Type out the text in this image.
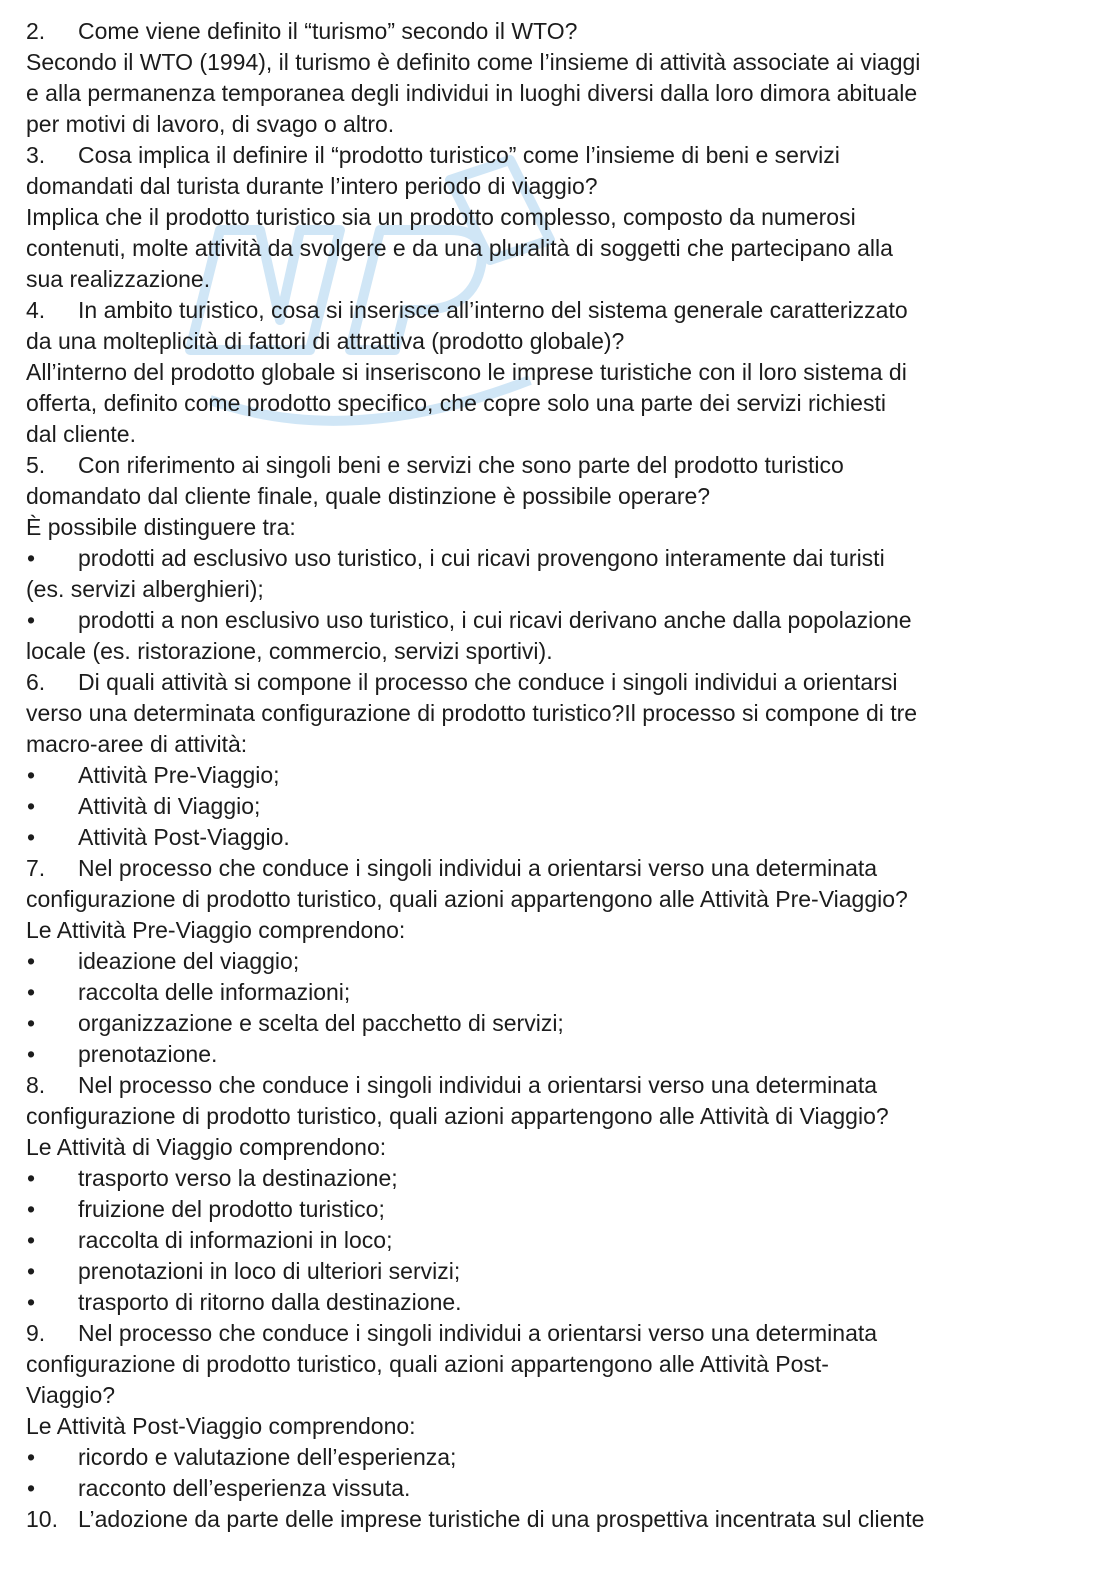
2. Come viene definito il “turismo” secondo il WTO?
Secondo il WTO (1994), il turismo è definito come l’insieme di attività associate ai viaggi
e alla permanenza temporanea degli individui in luoghi diversi dalla loro dimora abituale
per motivi di lavoro, di svago o altro.
3. Cosa implica il definire il “prodotto turistico” come l’insieme di beni e servizi
domandati dal turista durante l’intero periodo di viaggio?
Implica che il prodotto turistico sia un prodotto complesso, composto da numerosi
contenuti, molte attività da svolgere e da una pluralità di soggetti che partecipano alla
sua realizzazione.
4. In ambito turistico, cosa si inserisce all’interno del sistema generale caratterizzato
da una molteplicità di fattori di attrattiva (prodotto globale)?
All’interno del prodotto globale si inseriscono le imprese turistiche con il loro sistema di
offerta, definito come prodotto specifico, che copre solo una parte dei servizi richiesti
dal cliente.
5. Con riferimento ai singoli beni e servizi che sono parte del prodotto turistico
domandato dal cliente finale, quale distinzione è possibile operare?
È possibile distinguere tra:
• prodotti ad esclusivo uso turistico, i cui ricavi provengono interamente dai turisti
(es. servizi alberghieri);
• prodotti a non esclusivo uso turistico, i cui ricavi derivano anche dalla popolazione
locale (es. ristorazione, commercio, servizi sportivi).
6. Di quali attività si compone il processo che conduce i singoli individui a orientarsi
verso una determinata configurazione di prodotto turistico?Il processo si compone di tre
macro-aree di attività:
• Attività Pre-Viaggio;
• Attività di Viaggio;
• Attività Post-Viaggio.
7. Nel processo che conduce i singoli individui a orientarsi verso una determinata
configurazione di prodotto turistico, quali azioni appartengono alle Attività Pre-Viaggio?
Le Attività Pre-Viaggio comprendono:
• ideazione del viaggio;
• raccolta delle informazioni;
• organizzazione e scelta del pacchetto di servizi;
• prenotazione.
8. Nel processo che conduce i singoli individui a orientarsi verso una determinata
configurazione di prodotto turistico, quali azioni appartengono alle Attività di Viaggio?
Le Attività di Viaggio comprendono:
• trasporto verso la destinazione;
• fruizione del prodotto turistico;
• raccolta di informazioni in loco;
• prenotazioni in loco di ulteriori servizi;
• trasporto di ritorno dalla destinazione.
9. Nel processo che conduce i singoli individui a orientarsi verso una determinata
configurazione di prodotto turistico, quali azioni appartengono alle Attività Post-
Viaggio?
Le Attività Post-Viaggio comprendono:
• ricordo e valutazione dell’esperienza;
• racconto dell’esperienza vissuta.
10. L’adozione da parte delle imprese turistiche di una prospettiva incentrata sul cliente
